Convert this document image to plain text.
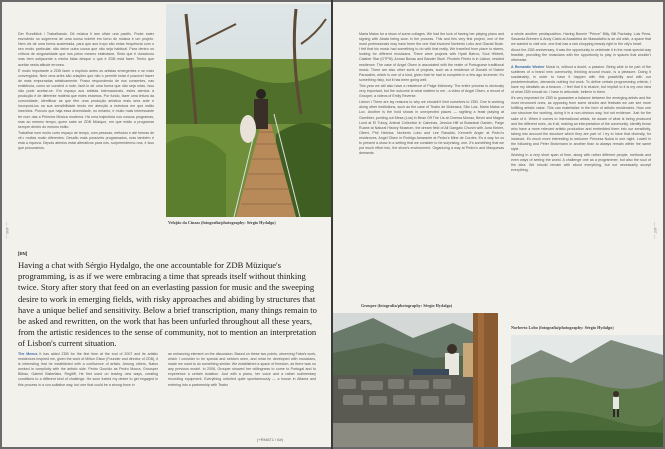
Der Rundblick / Trabalhando. Dit müzica fi iam oficie una pacífic. Poder eater esvoviedo no sugerrens de uma sonso indeiet em torno de música é um projeto. Nem vis de uma forma sustentada, para que aos tropo são estas frequência com o seu modo particular, não deixe outra cousa que não seja habitual. Para dentro os críticos de singularidade que nos pelos mesmo estimados. Sinto que é duradouro mas bem subjacente a minha falas desque o que é ZDB está fazer. Tenho que aceitar nesta atitude erronea.

É muito importante a ZDB fazer o espítulo antes os artistas emergentes e se mais convergidos. Nem uma artes são criações que não o permitir estar é possível trazer de mais empurradas artisticamente. Posso respondendo de nos consentes, nas existência, como se constrói a rode, fazê-lo de uma forma que não seja rotas. Isso não pode aceitar-se. Em espaço aos artistas internacionais, estes atentos à produção é de diferente matéria que estes estamos. Por fundo, fazer uma leitura da comunidade, identificar as que têm uma produção artística mais sera ante e incorporá-los na sua sensibilidade tendo em atenção a estrutura em que estão inseridos. Procuro que haja essa diversidade, no entanto, é muito mais interessante ter num das a Primeira Música moderna. Há uma trajectória nos nossos programas, mas ao mesmo tempo, quem sabe se ZDB Müzique, em que estão a programar sempre dentro do mesmo estilo.

Trabalhar num muito curto espaço de tempo, com pessoas, métodos e até formas de vê-r muitas muito diferentes. Desafio mais possíveis programados, mas também é esta a riqueza. Depois atentos estar alterativos para nós, surpreendermo-nos, é isso que procuramos.

Velojão da Cinzas (fotografia/photography: Sérgio Hydalgo)
[EN]
Having a chat with Sérgio Hydalgo, the one accountable for ZDB Müzique's programming, is as if we were embracing a time that spreads itself without thinking twice. Story after story that feed on an everlasting passion for music and the sweeping desire to work in emerging fields, with risky approaches and abiding by structures that have a unique belief and sensitivity. Below a brief transcription, many things remain to be asked and rewritten, on the work that has been unfurled throughout all these years, from the artistic residences to the sense of community, not to mention an interpretation of Lisbon's current situation.

The Meeus It has aided ZDB for the first time at the end of 2007 and its artistic residences inspired me, given the work of Milton Gisse (Founder and director of ZDB), it is interesting that he established with a confluence of artists. Among others, Natus worked in complicity with the artistic side. Pedro Gourido as Pedro Moura, Grousper Bilbao, Gabriel Bisterfaks. Regitiff, He first used on leaving new ways, creating conditions to a different kind of challenge. He soon fueled my desire to get engaged in this process in a con-sultative way, but one that could be a strong force in

an enhancing element on the discussion. Based on these two points, observing Faba's work, which I consider to be special and seldom seen, and what he developed with musicians, made me want to do something similar. We established a space of freedom, as there was no any previous model. In 2008, Grouper showed her willingness to come to Portugal and to experience a certain isolation. Just with a piano, her voice and a rather rudimentary recording equipment. Everything unfurled quite spontaneously — a house in Alfama and entering into a partnership with Teatro

(+RMAT1 / 6#)
— 486 —

Maria Matos for a show of some collages. We had the luck of having her playing piano and signing with Abata being soon in the process. This and this very first project, one of the most professionals may have been the one that involved Norberto Lobo and Glacial Bode. I felt that his music had something to do with that really. We travelled from place to stares, looking for different musicians. There were projects with Hyatt Batrov, Soul Hibbett, Calaber Star (GTPN), Annan Bunau and Bander Stuel. Picobrin Ffeelo is in Lisbon, resided residence. The case of Angel Olsen is associated with the realm of Portuguese traditional music. There are also other sorts of projects, such as a residence of Donald of Gabrie Paracalim, which is one of a kind, given that he had to complete in a few ago drummer. It's something risky, but it has been going well.

This year we will also have a residence of Paige Mahoney. The entire process is obviously very important, but the outcome is what matters to me - a video of Angel Olsen, a record of Grouper, a videos of Emily Reverse.

Lisbon I There are lay reasons to why we shouldn't limit ourselves to ZDB. One is working along other institutions, such as the case of Teatro de Mobrasol, São Luiz, Maria Matos or Lux. Another is the hold shows in unexpected places — sighting a feast playing at Gambber, ponting out Mesa (Loa) in Bean Off The Lis at Cinema Monao, Bevin and Magrei Lund at El Tuboy, Animal Collective in Cabrinas, Jessica Hiff at Botanical Garden, Paige Ruane at Natural History Museum, the dream field of All Gangalo Church with Juna Kirkler, Olbert, Phil Hebrica, Norberto Lobo and Lee Ranaldo, Kenneth Anger at Pedro's residences, Angel Olsen in Rodrigo Amarante at Pedro's Mine de Cordes. It's a way for us to present a show in a setting that we consider to be surprising, one. It's something that we put much effort into, the show's environment. Organizing a way at Pedro's and Marquesas demands

a whole another predisposition. Having Bonnie "Prince" Billy, Bill Pachaby, Luis Pena, Savanda Bremen & Andy Cabic at Anastekia de Massafalho is an old wish, a space that we wanted to visit one, one that has a raw shopping beauty right in the city's heart.

About the ZDB anniversary, it was the opportunity to celebrate it in the most special way feasible, providing the musicians with the opportunity to play in spaces that wouldn't otherwise.

A Romantic Worker Music is, without a doubt, a passion. Being able to be part of the sublimes of a brand new community, thinking around music, is a pleasure. Doing it sustainably, in order to have it happen with this possibility and with our predetermination, demands nothing but work. To define certain programming criteria, I have my idealistic as a beacon - I feel that it is elusive, but implicit to it is my own idea of what ZDB should do. I have to articulate, believe in them.

It's very important for ZDB to guarantee a balance between the emerging artists and the most renowned ones, as opposing from some circuits and festivals we can see more fulfilling artistic value. This can materialize in the form of artistic residencies. How one can structure the working, doing it in a non-obvious way, but not evidence. Just for the sake of it. When it comes to international artists, be aware of what is being produced and the different rules, do it all, making an interpretation of the community, identify those who have a more relevant artistic production and embedded them into our sensitivity, taking into account the structure which they are part of. I try to have that diversity, for instance, it's much more interesting to welcome Princess Nokia in one night, Lowell in the following and Peter Brotzmann in another than to always remain within the same style.

Working in a very short span of time, along with rather different people, methods and even ways of seeing the world. A challenge one as a programmer, but also the soul of the idea. We should remain with about everything, but not necessarily accept everything.

Grouper (fotografia/photography: Sérgio Hydalgo)
Norberto Lobo (fotografia/photography: Sérgio Hydalgo)
— 487 —
